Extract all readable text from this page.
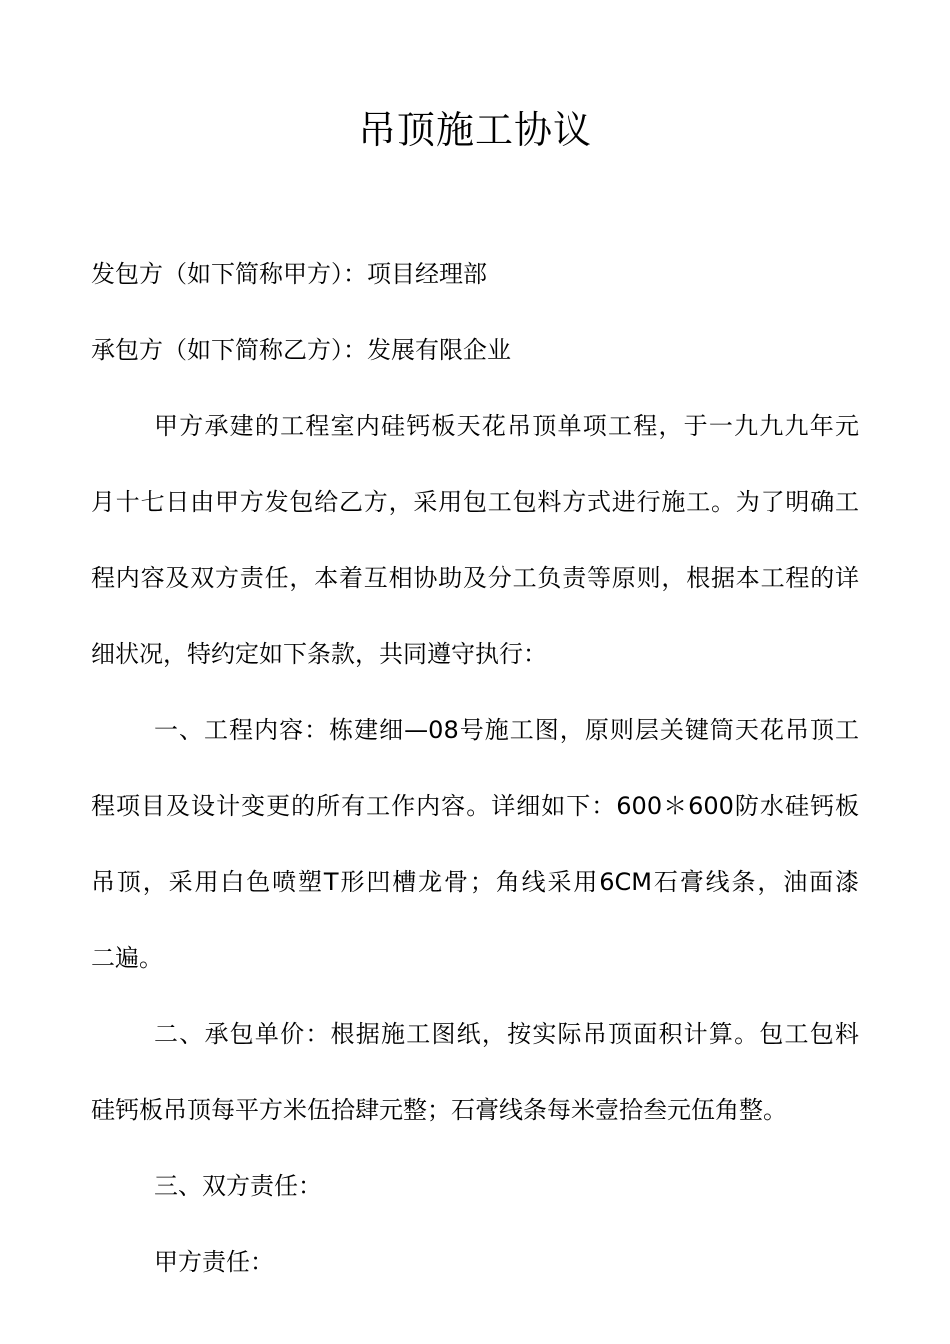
吊顶施工协议
发包方（如下简称甲方）：项目经理部
承包方（如下简称乙方）：发展有限企业
甲方承建的工程室内硅钙板天花吊顶单项工程，于一九九九年元
月十七日由甲方发包给乙方，采用包工包料方式进行施工。为了明确工
程内容及双方责任，本着互相协助及分工负责等原则，根据本工程的详
细状况，特约定如下条款，共同遵守执行：
一、工程内容：栋建细—08号施工图，原则层关键筒天花吊顶工
程项目及设计变更的所有工作内容。详细如下：600＊600防水硅钙板
吊顶，采用白色喷塑T形凹槽龙骨；角线采用6CM石膏线条，油面漆
二遍。
二、承包单价：根据施工图纸，按实际吊顶面积计算。包工包料
硅钙板吊顶每平方米伍拾肆元整；石膏线条每米壹拾叁元伍角整。
三、双方责任：
甲方责任：
